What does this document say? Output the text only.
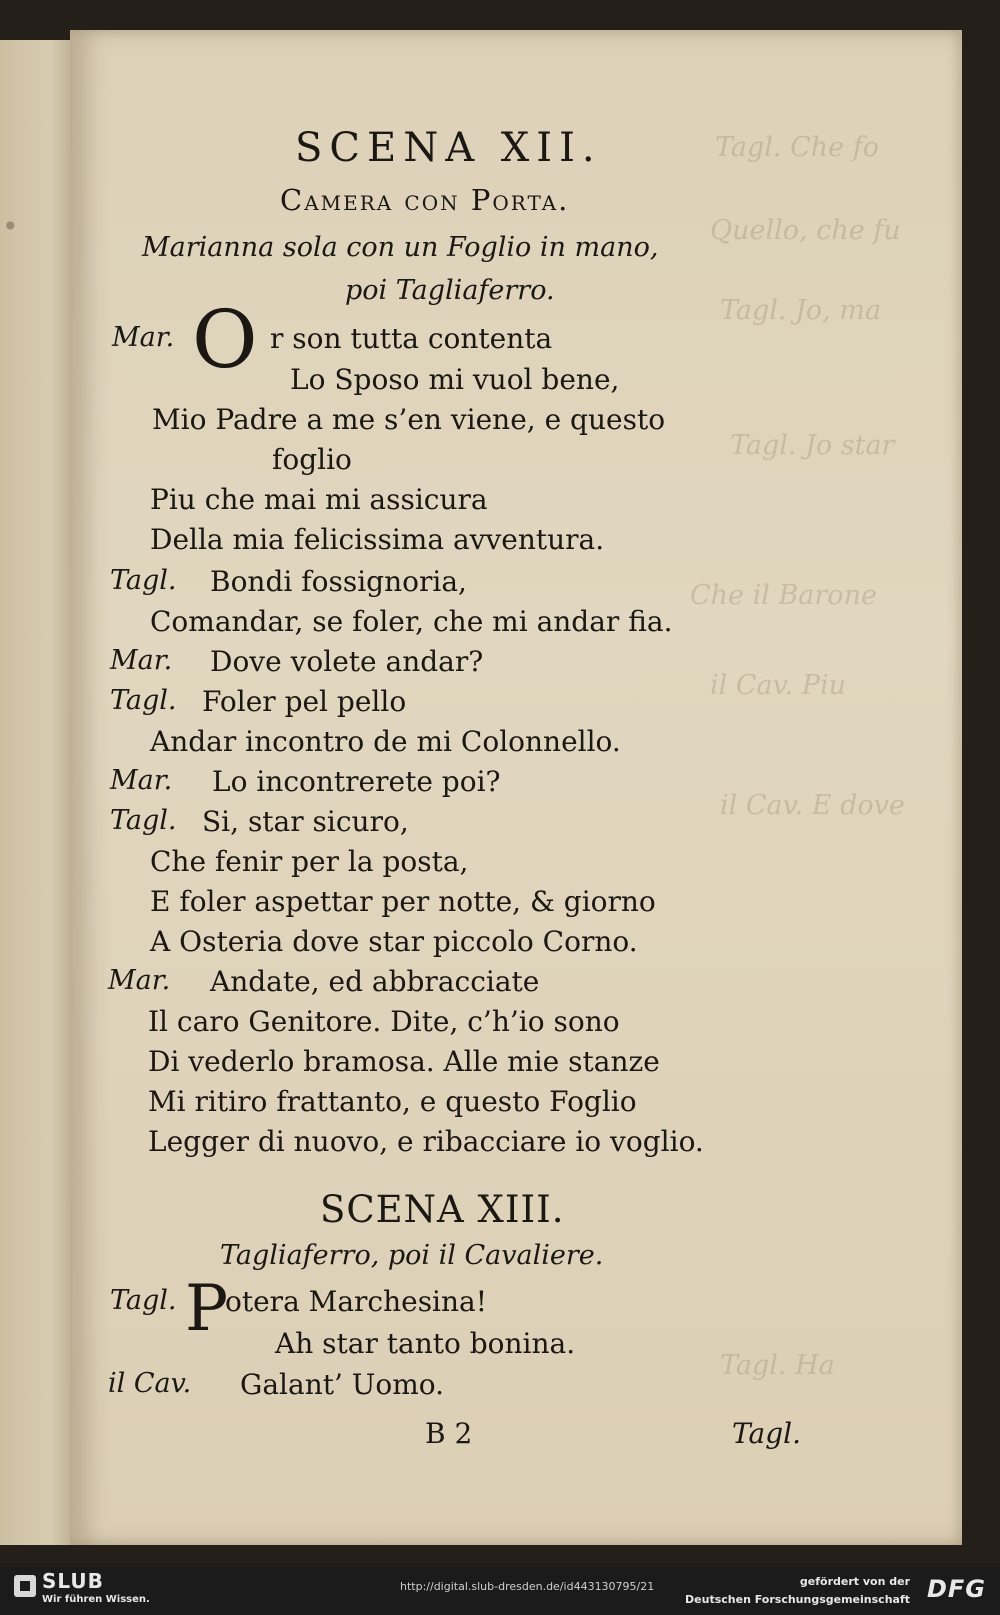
•
Tagl. Che fo
Quello, che fu
Tagl. Jo, ma
Tagl. Jo star
Che il Barone
il Cav. Piu
il Cav. E dove
Tagl. Ha
SCENA XII.
Camera con Porta.
Marianna sola con un Foglio in mano,
poi Tagliaferro.
Mar. O r son tutta contenta
Lo Sposo mi vuol bene,
Mio Padre a me s’en viene, e questo
foglio
Piu che mai mi assicura
Della mia felicissima avventura.
Tagl. Bondi fossignoria,
Comandar, se foler, che mi andar fia.
Mar. Dove volete andar?
Tagl. Foler pel pello
Andar incontro de mi Colonnello.
Mar. Lo incontrerete poi?
Tagl. Si, star sicuro,
Che fenir per la posta,
E foler aspettar per notte, & giorno
A Osteria dove star piccolo Corno.
Mar. Andate, ed abbracciate
Il caro Genitore. Dite, c’h’io sono
Di vederlo bramosa. Alle mie stanze
Mi ritiro frattanto, e questo Foglio
Legger di nuovo, e ribacciare io voglio.
SCENA XIII.
Tagliaferro, poi il Cavaliere.
Tagl. P
otera Marchesina!
Ah star tanto bonina.
il Cav. Galant’ Uomo.
B 2	Tagl.
SLUB
Wir führen Wissen.
http://digital.slub-dresden.de/id443130795/21	gefördert von der
Deutschen Forschungsgemeinschaft DFG
